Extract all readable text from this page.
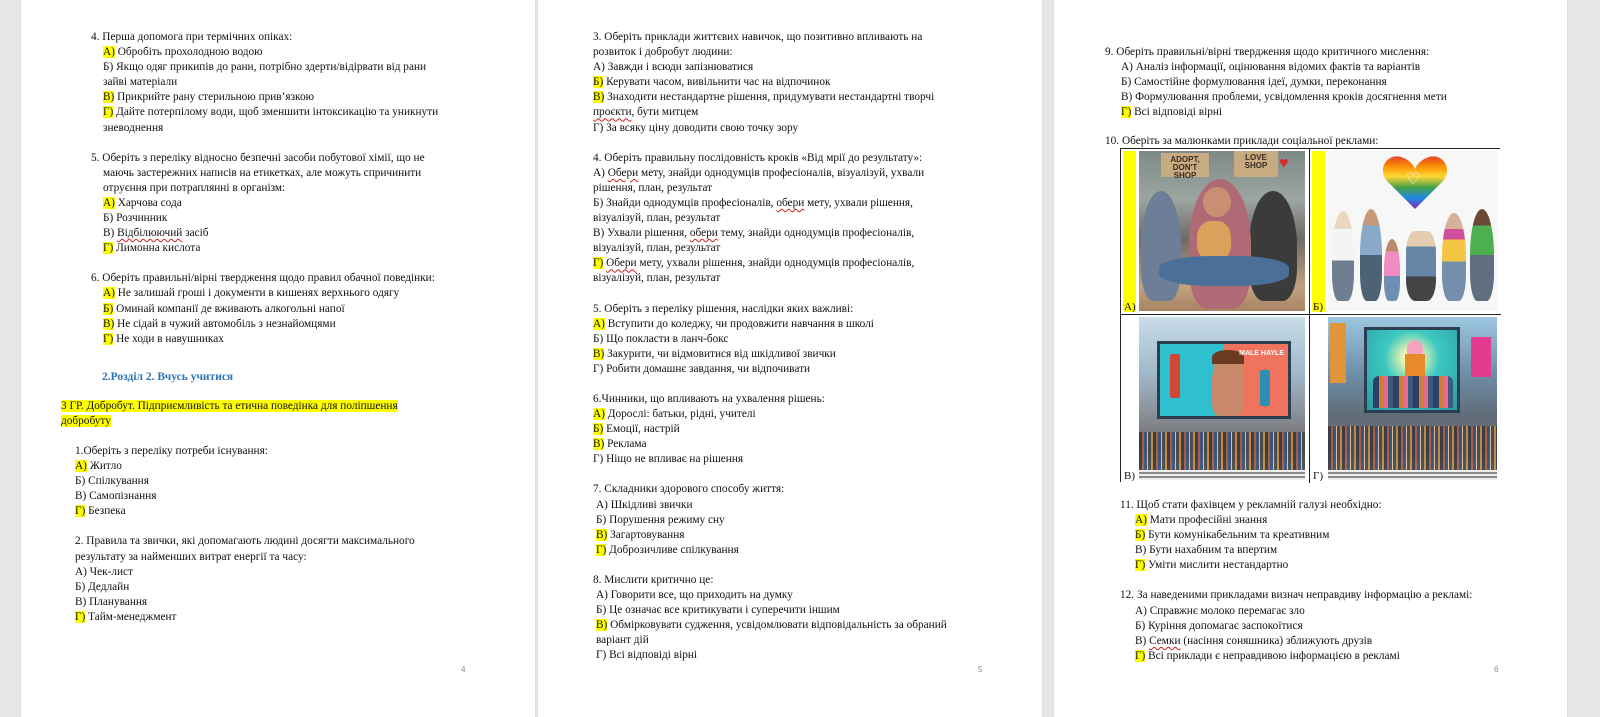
4. Перша допомога при термічних опіках:
А) Обробіть прохолодною водою
Б) Якщо одяг прикипів до рани, потрібно здерти/відірвати від рани
зайві матеріали
В) Прикрийте рану стерильною прив’язкою
Г) Дайте потерпілому води, щоб зменшити інтоксикацію та уникнути
зневоднення
5. Оберіть з переліку відносно безпечні засоби побутової хімії, що не
маючь застережних написів на етикетках, але можуть спричинити
отруєння при потраплянні в організм:
А) Харчова сода
Б) Розчинник
В) Відбілюючий засіб
Г) Лимонна кислота
6. Оберіть правильні/вірні твердження щодо правил обачної поведінки:
А) Не залишай гроші і документи в кишенях верхнього одягу
Б) Оминай компанії де вживають алкогольні напої
В) Не сідай в чужий автомобіль з незнайомцями
Г) Не ходи в навушниках
2.Розділ 2. Вчусь учитися
3 ГР. Добробут. Підприємливість та етична поведінка для поліпшення
добробуту
1.Оберіть з переліку потреби існування:
А) Житло
Б) Спілкування
В) Самопізнання
Г) Безпека
2. Правила та звички, які допомагають людині досягти максимального
результату за найменших витрат енергії та часу:
А) Чек-лист
Б) Дедлайн
В) Планування
Г) Тайм-менеджмент
4
3. Оберіть приклади життєвих навичок, що позитивно впливають на
розвиток і добробут людини:
А) Завжди і всюди запізнюватися
Б) Керувати часом, вивільнити час на відпочинок
В) Знаходити нестандартне рішення, придумувати нестандартні творчі
проєкти, бути митцем
Г) За всяку ціну доводити свою точку зору
4. Оберіть правильну послідовність кроків «Від мрії до результату»:
А) Обери мету, знайди однодумців професіоналів, візуалізуй, ухвали
рішення, план, результат
Б) Знайди однодумців професіоналів, обери мету, ухвали рішення,
візуалізуй, план, результат
В) Ухвали рішення, обери тему, знайди однодумців професіоналів,
візуалізуй, план, результат
Г) Обери мету, ухвали рішення, знайди однодумців професіоналів,
візуалізуй, план, результат
5. Оберіть з переліку рішення, наслідки яких важливі:
А) Вступити до коледжу, чи продовжити навчання в школі
Б) Що покласти в ланч-бокс
В) Закурити, чи відмовитися від шкідливої звички
Г) Робити домашнє завдання, чи відпочивати
6.Чинники, що впливають на ухвалення рішень:
А) Дорослі: батьки, рідні, учителі
Б) Емоції, настрій
В) Реклама
Г) Ніщо не впливає на рішення
7. Складники здорового способу життя:
А) Шкідливі звички
Б) Порушення режиму сну
В) Загартовування
Г) Доброзичливе спілкування
8. Мислити критично це:
А) Говорити все, що приходить на думку
Б) Це означає все критикувати і суперечити іншим
В) Обмірковувати судження, усвідомлювати відповідальність за обраний
варіант дій
Г) Всі відповіді вірні
5
9. Оберіть правильні/вірні твердження щодо критичного мислення:
А) Аналіз інформації, оцінювання відомих фактів та варіантів
Б) Самостійне формулювання ідеї, думки, переконання
В) Формулювання проблеми, усвідомлення кроків досягнення мети
Г) Всі відповіді вірні
10. Оберіть за малюнками приклади соціальної реклами:
ADOPT, DON'T SHOP
LOVE SHOP ♥
А)
♡
Б)
MALE HAYLE
В)	Г)
11. Щоб стати фахівцем у рекламній галузі необхідно:
А) Мати професійні знання
Б) Бути комунікабельним та креативним
В) Бути нахабним та впертим
Г) Уміти мислити нестандартно
12. За наведеними прикладами визнач неправдиву інформацію а рекламі:
А) Справжнє молоко перемагає зло
Б) Куріння допомагає заспокоїтися
В) Семки (насіння соняшника) зближують друзів
Г) Всі приклади є неправдивою інформацією в рекламі
6
